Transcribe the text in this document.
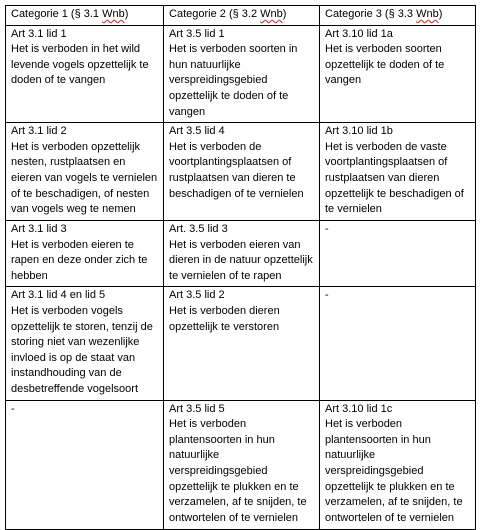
Categorie 1 (§ 3.1 Wnb)	Categorie 2 (§ 3.2 Wnb)	Categorie 3 (§ 3.3 Wnb)

Art 3.1 lid 1
Het is verboden in het wild levende vogels opzettelijk te doden of te vangen	Art 3.5 lid 1
Het is verboden soorten in hun natuurlijke verspreidingsgebied opzettelijk te doden of te vangen	Art 3.10 lid 1a
Het is verboden soorten opzettelijk te doden of te vangen

Art 3.1 lid 2
Het is verboden opzettelijk nesten, rustplaatsen en eieren van vogels te vernielen of te beschadigen, of nesten van vogels weg te nemen	Art 3.5 lid 4
Het is verboden de voortplantingsplaatsen of rustplaatsen van dieren te beschadigen of te vernielen	Art 3.10 lid 1b
Het is verboden de vaste voortplantingsplaatsen of rustplaatsen van dieren opzettelijk te beschadigen of te vernielen

Art 3.1 lid 3
Het is verboden eieren te rapen en deze onder zich te hebben	Art. 3.5 lid 3
Het is verboden eieren van dieren in de natuur opzettelijk te vernielen of te rapen	-

Art 3.1 lid 4 en lid 5
Het is verboden vogels opzettelijk te storen, tenzij de storing niet van wezenlijke invloed is op de staat van instandhouding van de desbetreffende vogelsoort	Art 3.5 lid 2
Het is verboden dieren opzettelijk te verstoren	-

-	Art 3.5 lid 5
Het is verboden plantensoorten in hun natuurlijke verspreidingsgebied opzettelijk te plukken en te verzamelen, af te snijden, te ontwortelen of te vernielen	Art 3.10 lid 1c
Het is verboden plantensoorten in hun natuurlijke verspreidingsgebied opzettelijk te plukken en te verzamelen, af te snijden, te ontwortelen of te vernielen
